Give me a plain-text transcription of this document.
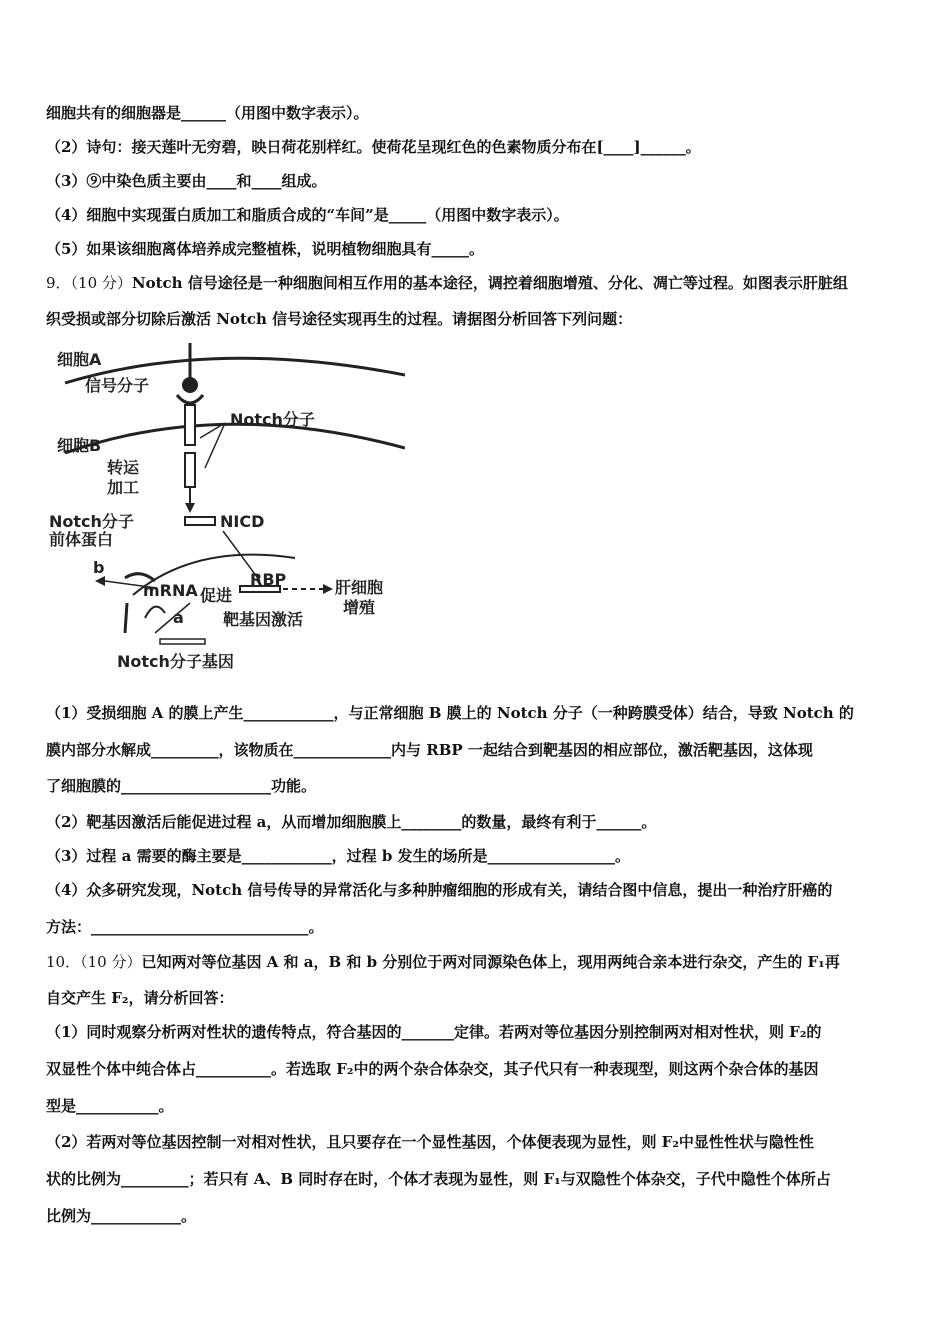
细胞共有的细胞器是______（用图中数字表示）。
（2）诗句：接天莲叶无穷碧，映日荷花别样红。使荷花呈现红色的色素物质分布在[____]______。
（3）⑨中染色质主要由____和____组成。
（4）细胞中实现蛋白质加工和脂质合成的“车间”是_____（用图中数字表示）。
（5）如果该细胞离体培养成完整植株，说明植物细胞具有_____。
9．（10 分）Notch 信号途径是一种细胞间相互作用的基本途径，调控着细胞增殖、分化、凋亡等过程。如图表示肝脏组
织受损或部分切除后激活 Notch 信号途径实现再生的过程。请据图分析回答下列问题：
细胞A
信号分子
Notch分子
细胞B
转运
加工
NICD
Notch分子
前体蛋白
b
mRNA 促进
RBP	肝细胞
增殖
a 靶基因激活
Notch分子基因
（1）受损细胞 A 的膜上产生____________，与正常细胞 B 膜上的 Notch 分子（一种跨膜受体）结合，导致 Notch 的
膜内部分水解成_________，该物质在_____________内与 RBP 一起结合到靶基因的相应部位，激活靶基因，这体现
了细胞膜的____________________功能。
（2）靶基因激活后能促进过程 a，从而增加细胞膜上________的数量，最终有利于______。
（3）过程 a 需要的酶主要是____________，过程 b 发生的场所是_________________。
（4）众多研究发现，Notch 信号传导的异常活化与多种肿瘤细胞的形成有关，请结合图中信息，提出一种治疗肝癌的
方法：_____________________________。
10．（10 分）已知两对等位基因 A 和 a，B 和 b 分别位于两对同源染色体上，现用两纯合亲本进行杂交，产生的 F₁再
自交产生 F₂，请分析回答：
（1）同时观察分析两对性状的遗传特点，符合基因的_______定律。若两对等位基因分别控制两对相对性状，则 F₂的
双显性个体中纯合体占__________。若选取 F₂中的两个杂合体杂交，其子代只有一种表现型，则这两个杂合体的基因
型是___________。
（2）若两对等位基因控制一对相对性状，且只要存在一个显性基因，个体便表现为显性，则 F₂中显性性状与隐性性
状的比例为_________；若只有 A、B 同时存在时，个体才表现为显性，则 F₁与双隐性个体杂交，子代中隐性个体所占
比例为____________。
